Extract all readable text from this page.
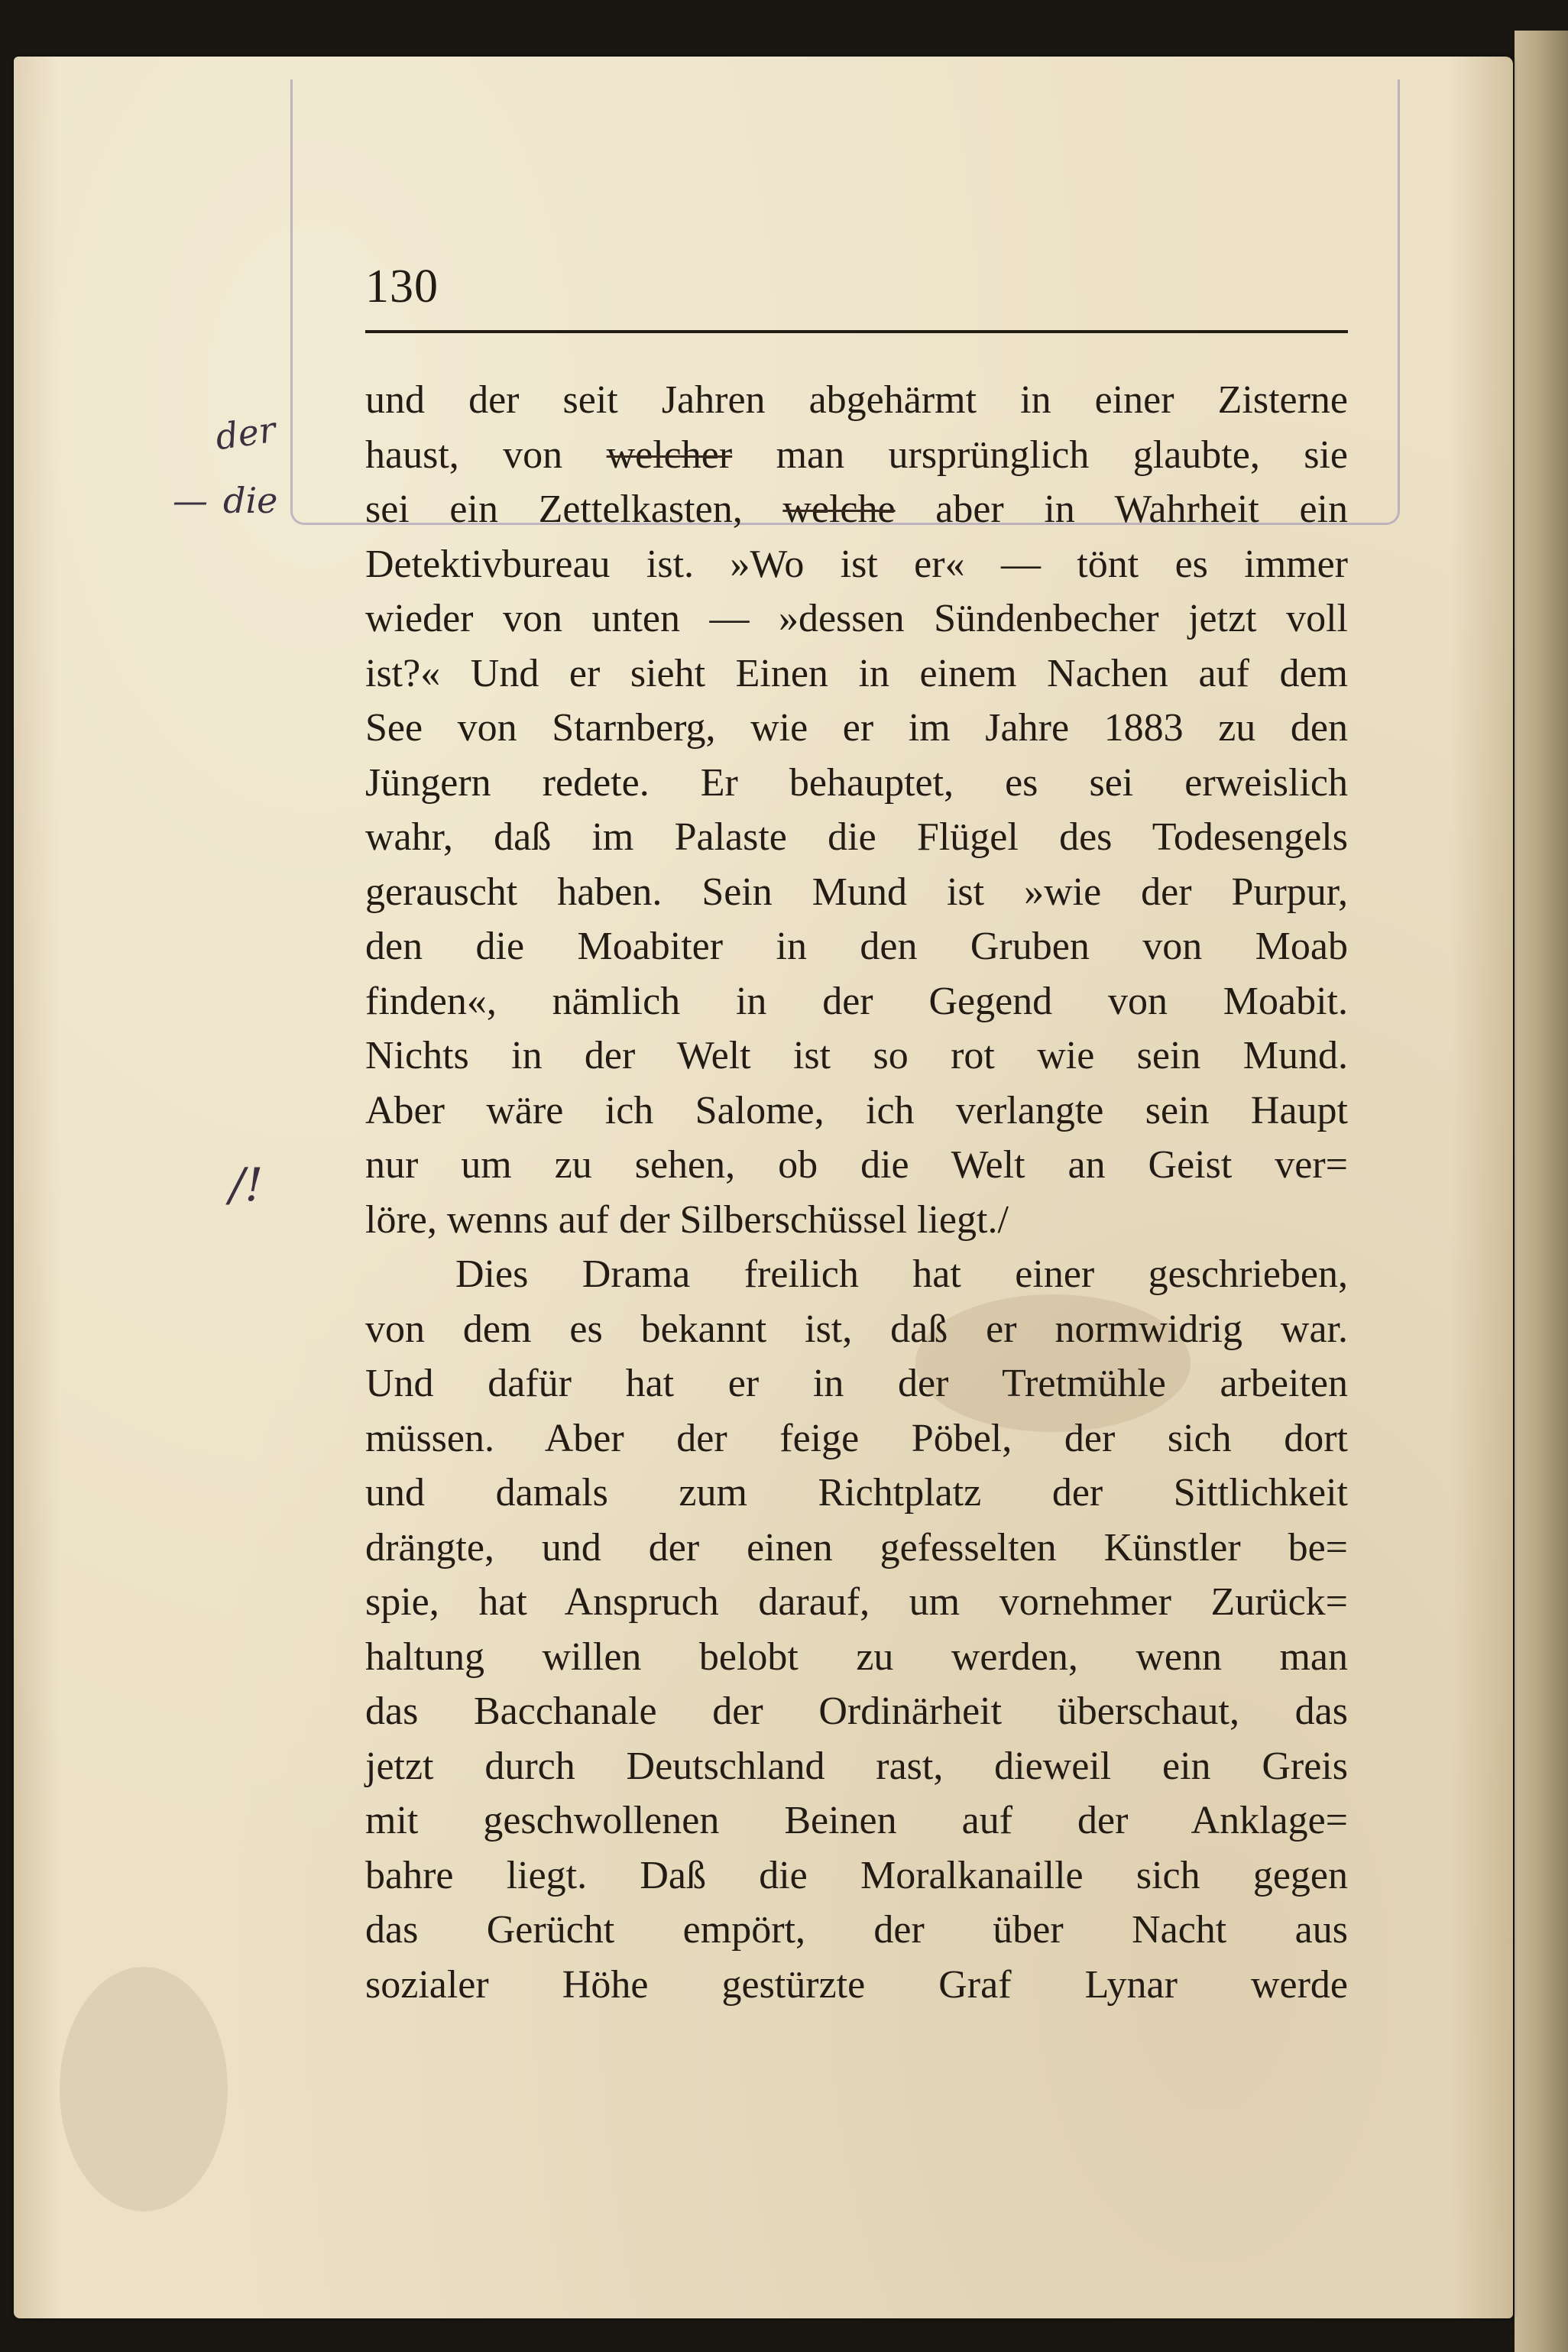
der
— die
/!
130
und der seit Jahren abgehärmt in einer Zisterne
haust, von welcher man ursprünglich glaubte, sie
sei ein Zettelkasten, welche aber in Wahrheit ein
Detektivbureau ist. »Wo ist er« — tönt es immer
wieder von unten — »dessen Sündenbecher jetzt voll
ist?« Und er sieht Einen in einem Nachen auf dem
See von Starnberg, wie er im Jahre 1883 zu den
Jüngern redete. Er behauptet, es sei erweislich
wahr, daß im Palaste die Flügel des Todesengels
gerauscht haben. Sein Mund ist »wie der Purpur,
den die Moabiter in den Gruben von Moab
finden«, nämlich in der Gegend von Moabit.
Nichts in der Welt ist so rot wie sein Mund.
Aber wäre ich Salome, ich verlangte sein Haupt
nur um zu sehen, ob die Welt an Geist ver=
löre, wenns auf der Silberschüssel liegt./
Dies Drama freilich hat einer geschrieben,
von dem es bekannt ist, daß er normwidrig war.
Und dafür hat er in der Tretmühle arbeiten
müssen. Aber der feige Pöbel, der sich dort
und damals zum Richtplatz der Sittlichkeit
drängte, und der einen gefesselten Künstler be=
spie, hat Anspruch darauf, um vornehmer Zurück=
haltung willen belobt zu werden, wenn man
das Bacchanale der Ordinärheit überschaut, das
jetzt durch Deutschland rast, dieweil ein Greis
mit geschwollenen Beinen auf der Anklage=
bahre liegt. Daß die Moralkanaille sich gegen
das Gerücht empört, der über Nacht aus
sozialer Höhe gestürzte Graf Lynar werde
